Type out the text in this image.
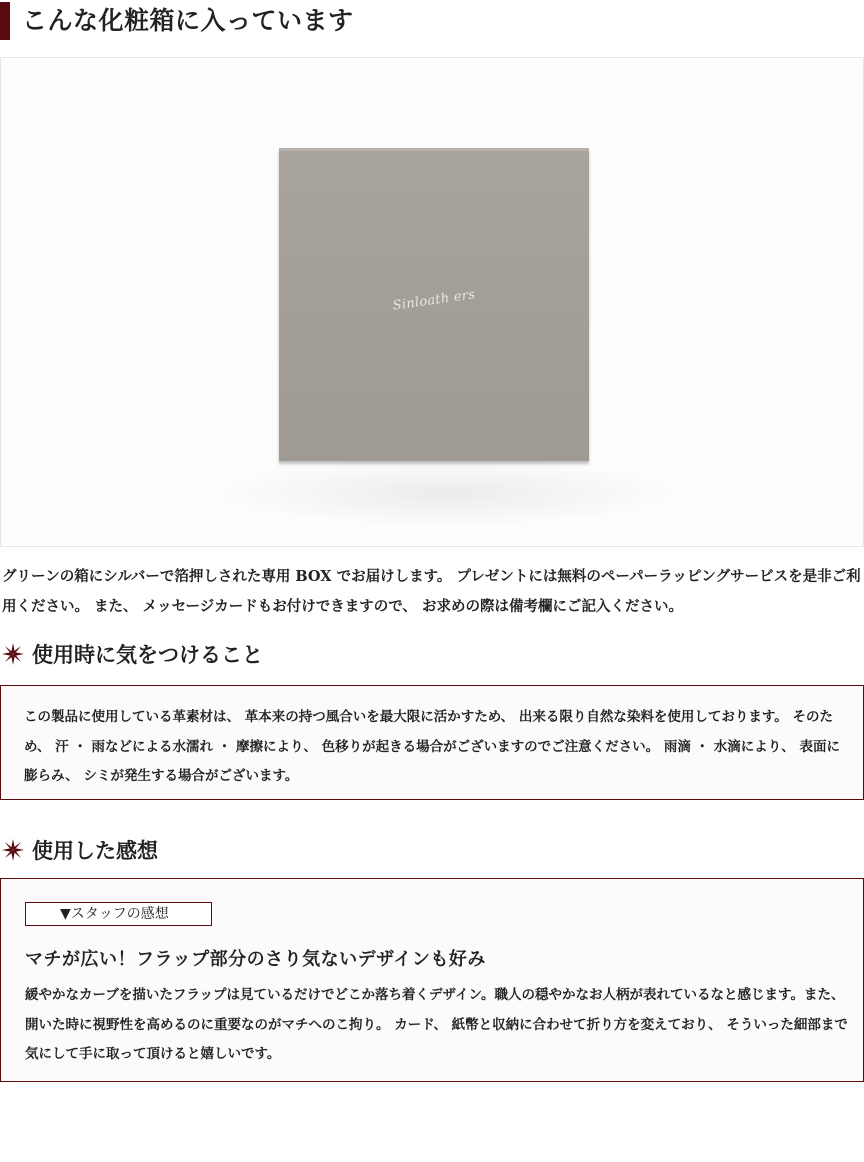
こんな化粧箱に入っています
Sinloath ers

グリーンの箱にシルバーで箔押しされた専用 BOX でお届けします。 プレゼントには無料のペーパーラッピングサービスを是非ご利用ください。 また、 メッセージカードもお付けできますので、 お求めの際は備考欄にご記入ください。

使用時に気をつけること

この製品に使用している革素材は、 革本来の持つ風合いを最大限に活かすため、 出来る限り自然な染料を使用しております。 そのため、 汗 ・ 雨などによる水濡れ ・ 摩擦により、 色移りが起きる場合がございますのでご注意ください。 雨滴 ・ 水滴により、 表面に膨らみ、 シミが発生する場合がございます。

使用した感想
▼スタッフの感想
マチが広い！フラップ部分のさり気ないデザインも好み

緩やかなカーブを描いたフラップは見ているだけでどこか落ち着くデザイン。職人の穏やかなお人柄が表れているなと感じます。また、開いた時に視野性を高めるのに重要なのがマチへのこ拘り。 カード、 紙幣と収納に合わせて折り方を変えており、 そういった細部まで気にして手に取って頂けると嬉しいです。
